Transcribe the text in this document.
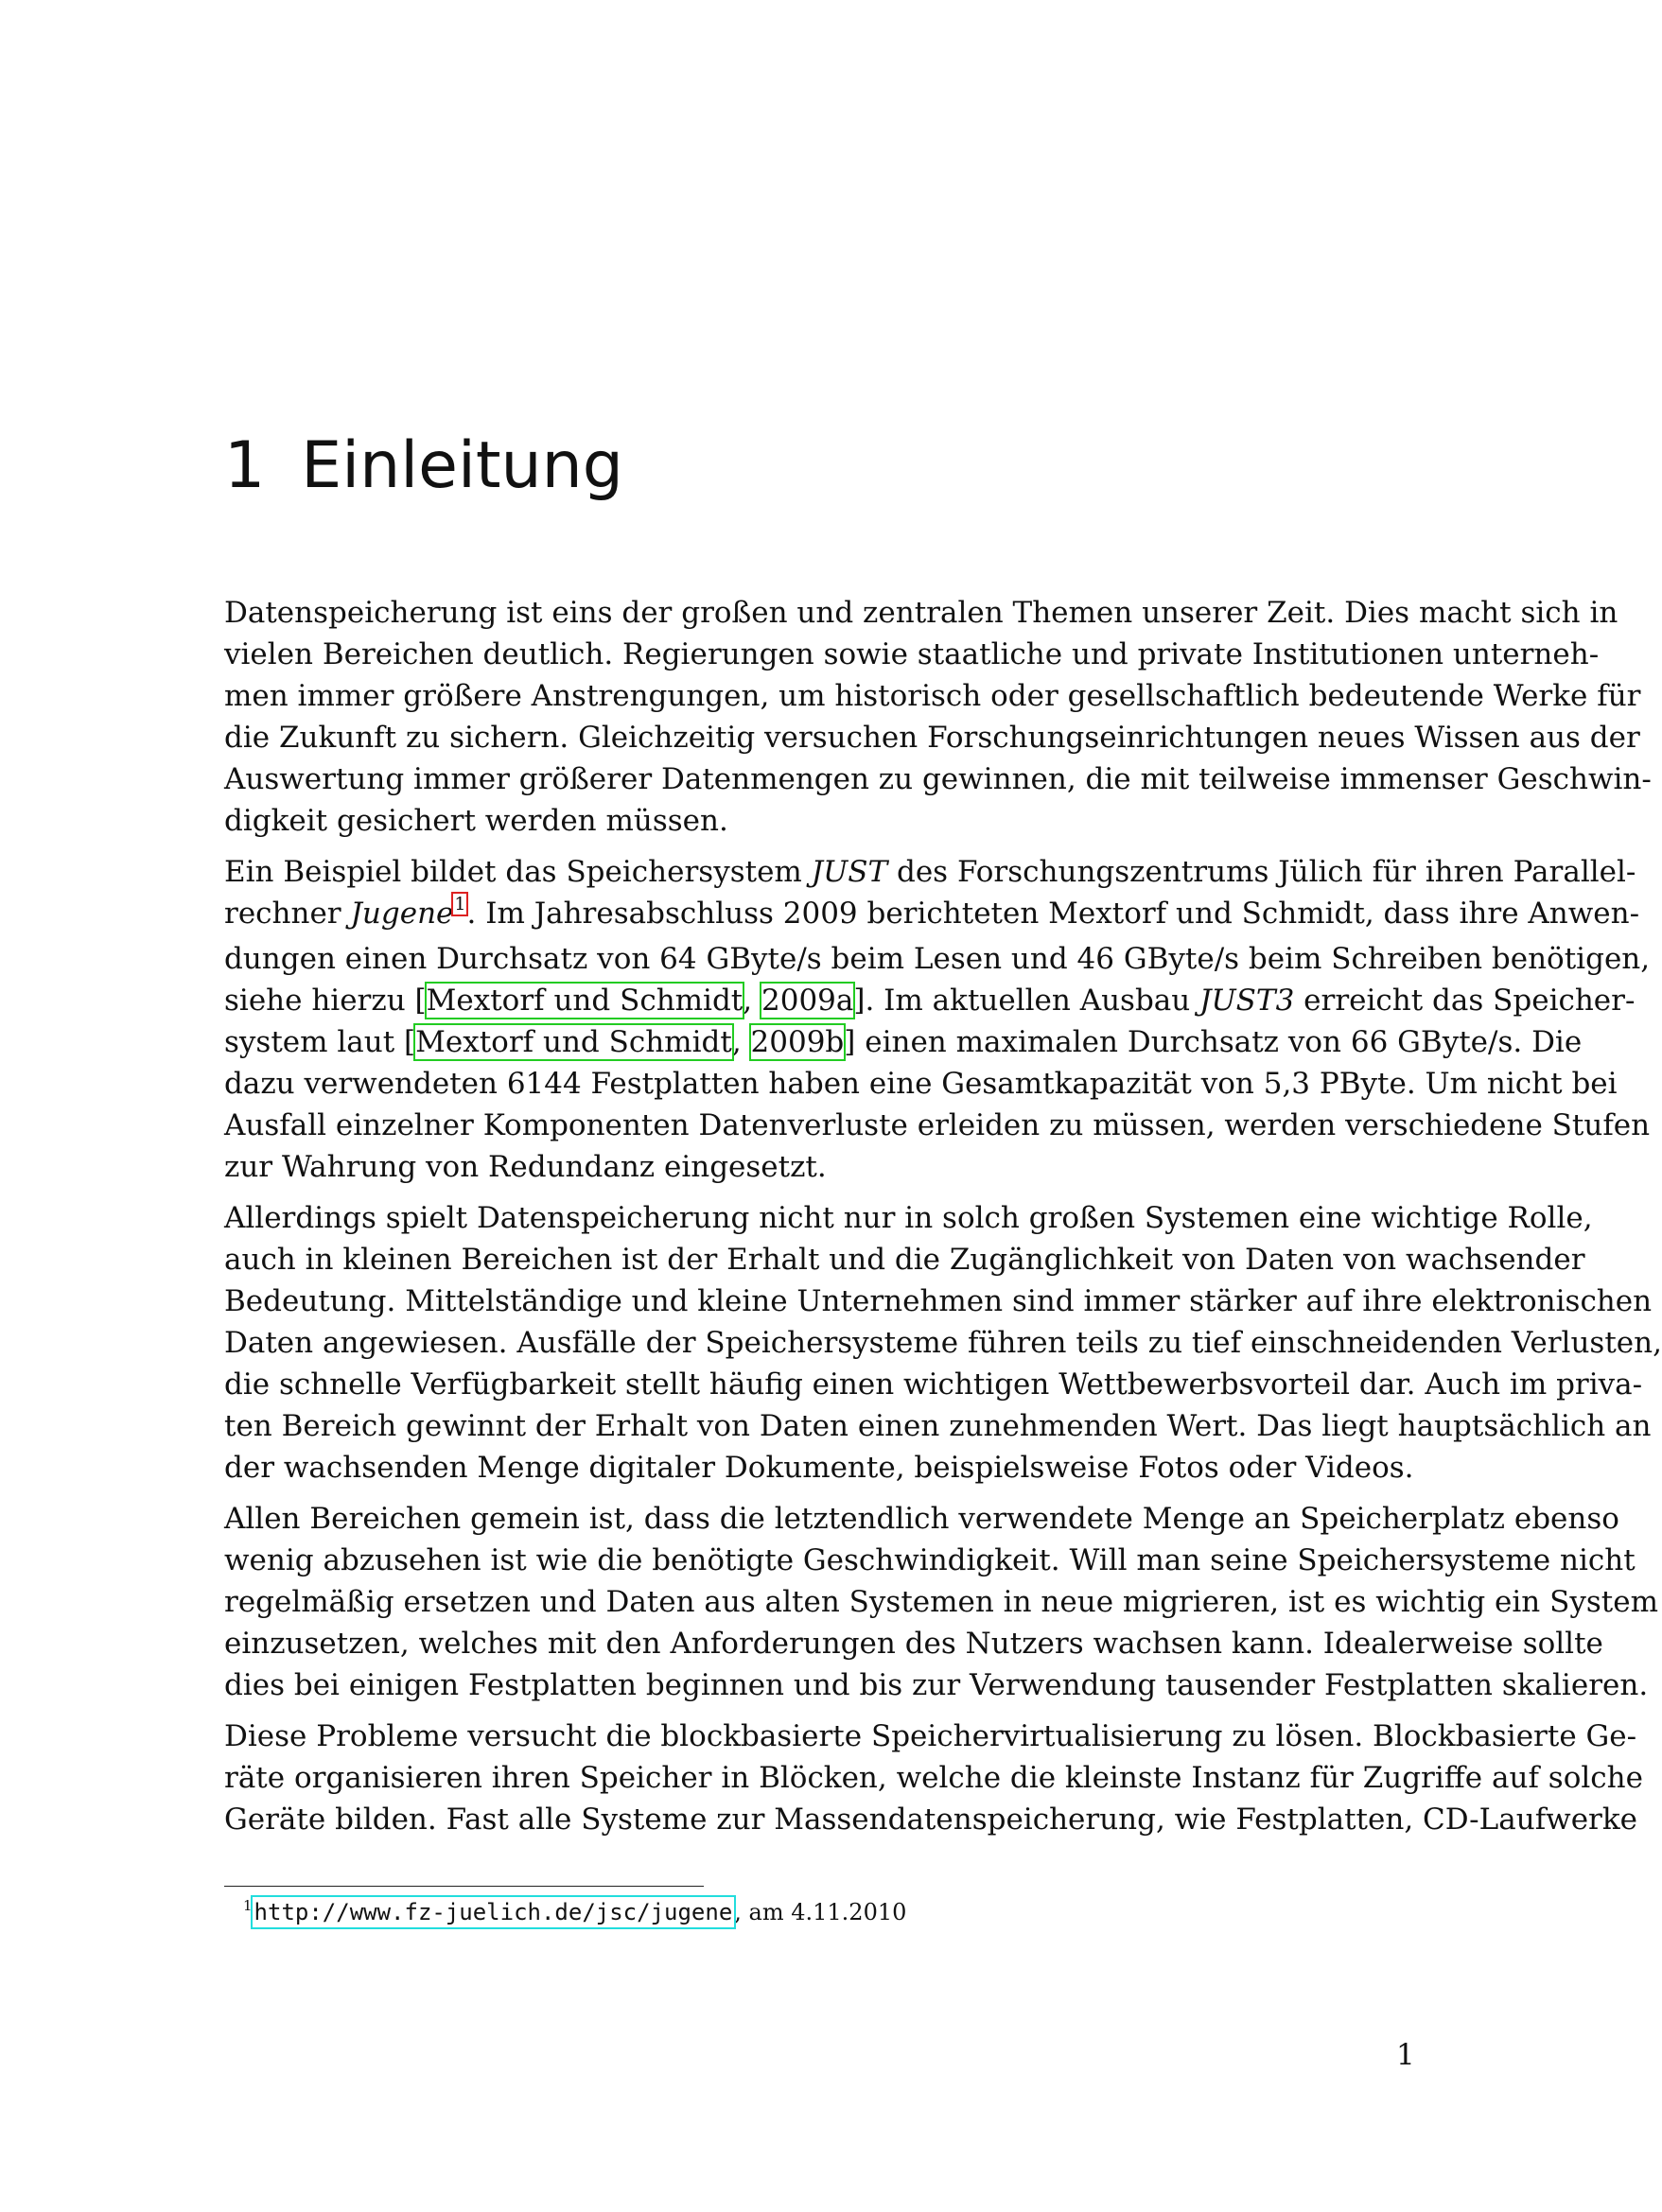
1 Einleitung

Datenspeicherung ist eins der großen und zentralen Themen unserer Zeit. Dies macht sich in
vielen Bereichen deutlich. Regierungen sowie staatliche und private Institutionen unterneh-
men immer größere Anstrengungen, um historisch oder gesellschaftlich bedeutende Werke für
die Zukunft zu sichern. Gleichzeitig versuchen Forschungseinrichtungen neues Wissen aus der
Auswertung immer größerer Datenmengen zu gewinnen, die mit teilweise immenser Geschwin-
digkeit gesichert werden müssen.

Ein Beispiel bildet das Speichersystem JUST des Forschungszentrums Jülich für ihren Parallel-
rechner Jugene$^1$. Im Jahresabschluss 2009 berichteten Mextorf und Schmidt, dass ihre Anwen-
dungen einen Durchsatz von 64 GByte/s beim Lesen und 46 GByte/s beim Schreiben benötigen,
siehe hierzu [Mextorf und Schmidt, 2009a]. Im aktuellen Ausbau JUST3 erreicht das Speicher-
system laut [Mextorf und Schmidt, 2009b] einen maximalen Durchsatz von 66 GByte/s. Die
dazu verwendeten 6144 Festplatten haben eine Gesamtkapazität von 5,3 PByte. Um nicht bei
Ausfall einzelner Komponenten Datenverluste erleiden zu müssen, werden verschiedene Stufen
zur Wahrung von Redundanz eingesetzt.

Allerdings spielt Datenspeicherung nicht nur in solch großen Systemen eine wichtige Rolle,
auch in kleinen Bereichen ist der Erhalt und die Zugänglichkeit von Daten von wachsender
Bedeutung. Mittelständige und kleine Unternehmen sind immer stärker auf ihre elektronischen
Daten angewiesen. Ausfälle der Speichersysteme führen teils zu tief einschneidenden Verlusten,
die schnelle Verfügbarkeit stellt häufig einen wichtigen Wettbewerbsvorteil dar. Auch im priva-
ten Bereich gewinnt der Erhalt von Daten einen zunehmenden Wert. Das liegt hauptsächlich an
der wachsenden Menge digitaler Dokumente, beispielsweise Fotos oder Videos.

Allen Bereichen gemein ist, dass die letztendlich verwendete Menge an Speicherplatz ebenso
wenig abzusehen ist wie die benötigte Geschwindigkeit. Will man seine Speichersysteme nicht
regelmäßig ersetzen und Daten aus alten Systemen in neue migrieren, ist es wichtig ein System
einzusetzen, welches mit den Anforderungen des Nutzers wachsen kann. Idealerweise sollte
dies bei einigen Festplatten beginnen und bis zur Verwendung tausender Festplatten skalieren.

Diese Probleme versucht die blockbasierte Speichervirtualisierung zu lösen. Blockbasierte Ge-
räte organisieren ihren Speicher in Blöcken, welche die kleinste Instanz für Zugriffe auf solche
Geräte bilden. Fast alle Systeme zur Massendatenspeicherung, wie Festplatten, CD-Laufwerke

$^1$http://www.fz-juelich.de/jsc/jugene, am 4.11.2010
1
